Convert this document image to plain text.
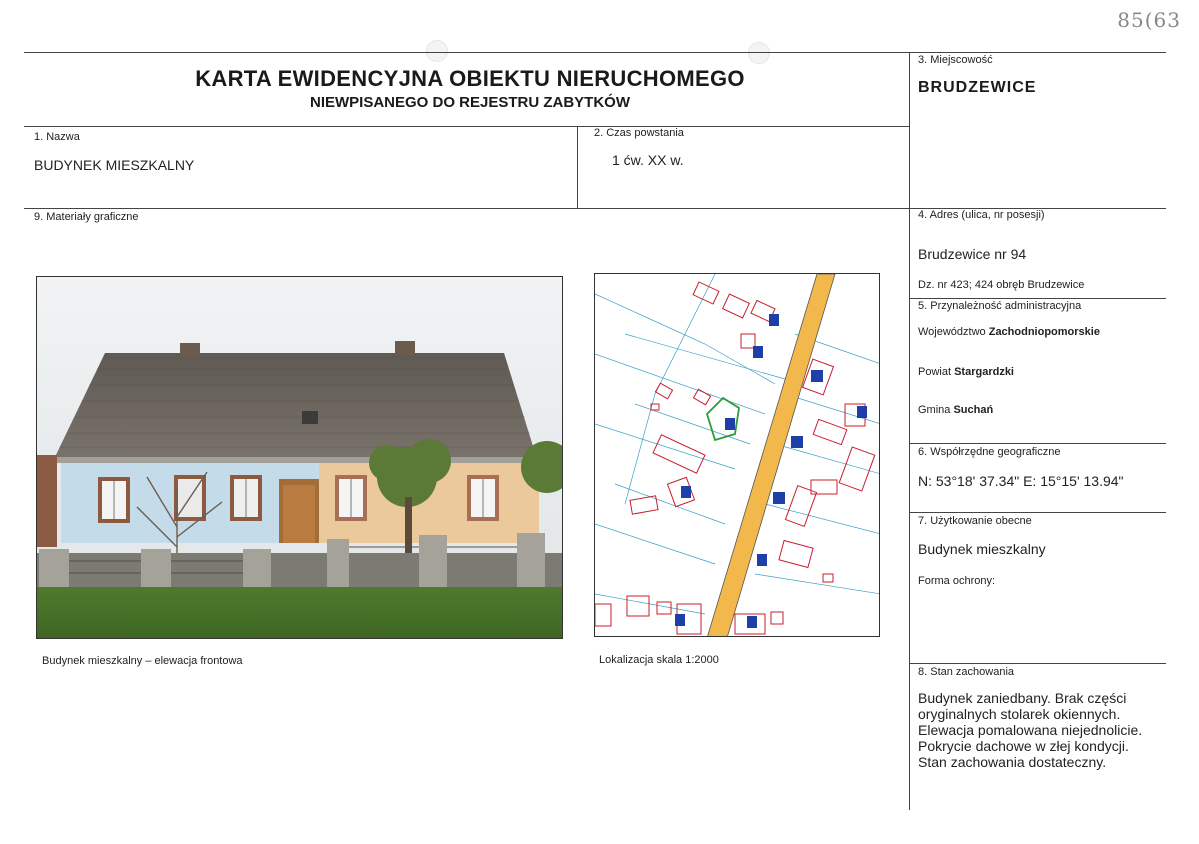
85(63
KARTA EWIDENCYJNA OBIEKTU NIERUCHOMEGO
NIEWPISANEGO DO REJESTRU ZABYTKÓW
1. Nazwa
BUDYNEK MIESZKALNY
2. Czas powstania
1 ćw. XX w.
3. Miejscowość
BRUDZEWICE
4. Adres (ulica, nr posesji)
Brudzewice nr 94
Dz. nr 423; 424 obręb Brudzewice
5. Przynależność administracyjna
Województwo Zachodniopomorskie
Powiat Stargardzki
Gmina Suchań
6. Współrzędne geograficzne
N: 53°18' 37.34" E: 15°15' 13.94"
7. Użytkowanie obecne
Budynek mieszkalny
Forma ochrony:
8. Stan zachowania
Budynek zaniedbany. Brak części
oryginalnych stolarek okiennych.
Elewacja pomalowana niejednolicie.
Pokrycie dachowe w złej kondycji.
Stan zachowania dostateczny.
9. Materiały graficzne
Budynek mieszkalny – elewacja frontowa	Lokalizacja skala 1:2000
